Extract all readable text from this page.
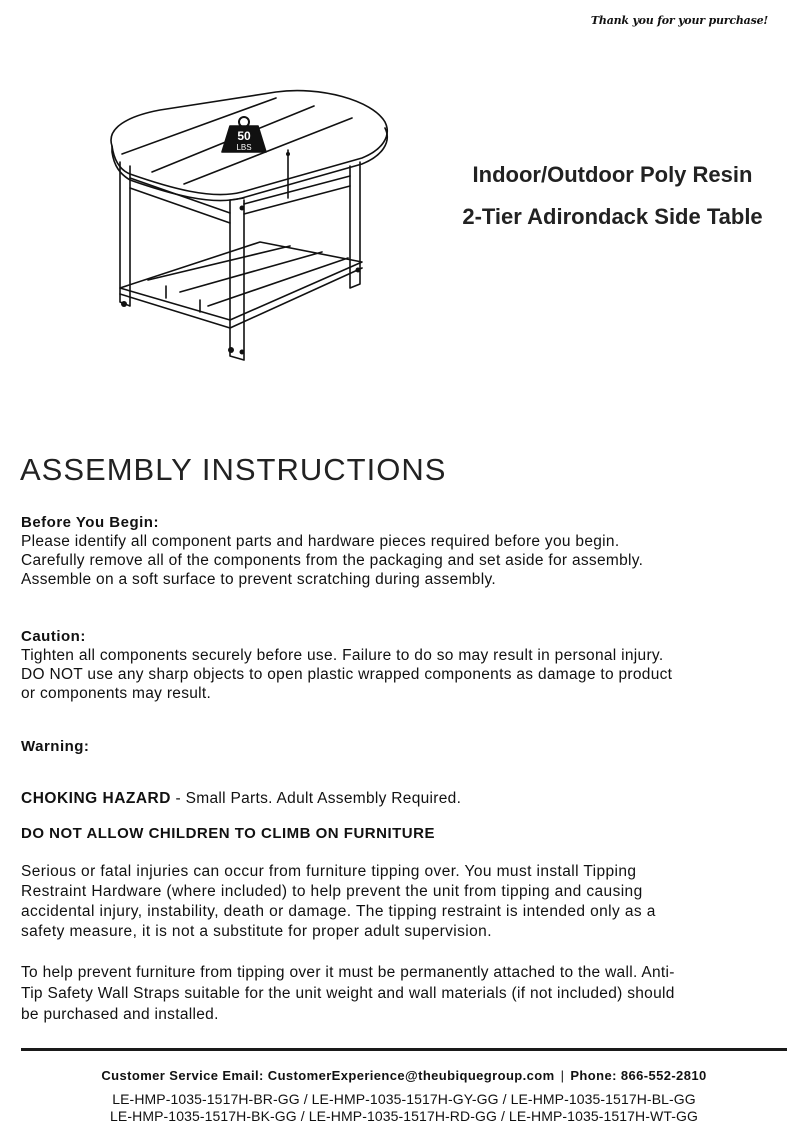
Thank you for your purchase!
50
LBS
Indoor/Outdoor Poly Resin
2-Tier Adirondack Side Table
ASSEMBLY INSTRUCTIONS
Before You Begin:

Please identify all component parts and hardware pieces required before you begin.

Carefully remove all of the components from the packaging and set aside for assembly.

Assemble on a soft surface to prevent scratching during assembly.

Caution:

Tighten all components securely before use. Failure to do so may result in personal injury.

DO NOT use any sharp objects to open plastic wrapped components as damage to product

or components may result.

Warning:
CHOKING HAZARD - Small Parts. Adult Assembly Required.
DO NOT ALLOW CHILDREN TO CLIMB ON FURNITURE
Serious or fatal injuries can occur from furniture tipping over. You must install Tipping
Restraint Hardware (where included) to help prevent the unit from tipping and causing
accidental injury, instability, death or damage. The tipping restraint is intended only as a
safety measure, it is not a substitute for proper adult supervision.
To help prevent furniture from tipping over it must be permanently attached to the wall. Anti-
Tip Safety Wall Straps suitable for the unit weight and wall materials (if not included) should
be purchased and installed.
Customer Service Email: CustomerExperience@theubiquegroup.com | Phone: 866-552-2810
LE-HMP-1035-1517H-BR-GG / LE-HMP-1035-1517H-GY-GG / LE-HMP-1035-1517H-BL-GG
LE-HMP-1035-1517H-BK-GG / LE-HMP-1035-1517H-RD-GG / LE-HMP-1035-1517H-WT-GG
